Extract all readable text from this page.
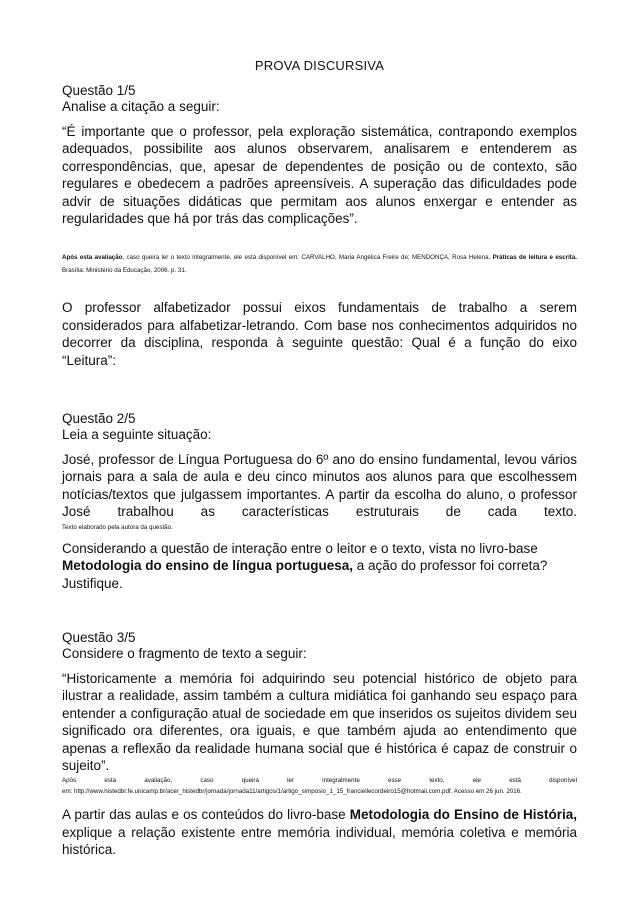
PROVA DISCURSIVA

Questão 1/5

Analise a citação a seguir:

“É importante que o professor, pela exploração sistemática, contrapondo exemplos adequados, possibilite aos alunos observarem, analisarem e entenderem as correspondências, que, apesar de dependentes de posição ou de contexto, são regulares e obedecem a padrões apreensíveis. A superação das dificuldades pode advir de situações didáticas que permitam aos alunos enxergar e entender as regularidades que há por trás das complicações”.

Após esta avaliação, caso queira ler o texto integralmente, ele está disponível em: CARVALHO, Maria Angélica Freire de; MENDONÇA, Rosa Helena. Práticas de leitura e escrita. Brasília: Ministério da Educação, 2006. p. 31.

O professor alfabetizador possui eixos fundamentais de trabalho a serem considerados para alfabetizar-letrando. Com base nos conhecimentos adquiridos no decorrer da disciplina, responda à seguinte questão: Qual é a função do eixo “Leitura”:

Questão 2/5

Leia a seguinte situação:

José, professor de Língua Portuguesa do 6º ano do ensino fundamental, levou vários jornais para a sala de aula e deu cinco minutos aos alunos para que escolhessem notícias/textos que julgassem importantes. A partir da escolha do aluno, o professor José trabalhou as características estruturais de cada texto.

Texto elaborado pela autora da questão.

Considerando a questão de interação entre o leitor e o texto, vista no livro-base Metodologia do ensino de língua portuguesa, a ação do professor foi correta? Justifique.

Questão 3/5

Considere o fragmento de texto a seguir:

“Historicamente a memória foi adquirindo seu potencial histórico de objeto para ilustrar a realidade, assim também a cultura midiática foi ganhando seu espaço para entender a configuração atual de sociedade em que inseridos os sujeitos dividem seu significado ora diferentes, ora iguais, e que também ajuda ao entendimento que apenas a reflexão da realidade humana social que é histórica é capaz de construir o sujeito”.

Após esta avaliação, caso queira ler integralmente esse texto, ele está disponível

em: http://www.histedbr.fe.unicamp.br/acer_histedbr/jornada/jornada11/artigos/1/artigo_simposio_1_15_franciellecordeiro15@hotmail.com.pdf. Acesso em 26 jun. 2016.

A partir das aulas e os conteúdos do livro-base Metodologia do Ensino de História, explique a relação existente entre memória individual, memória coletiva e memória histórica.
